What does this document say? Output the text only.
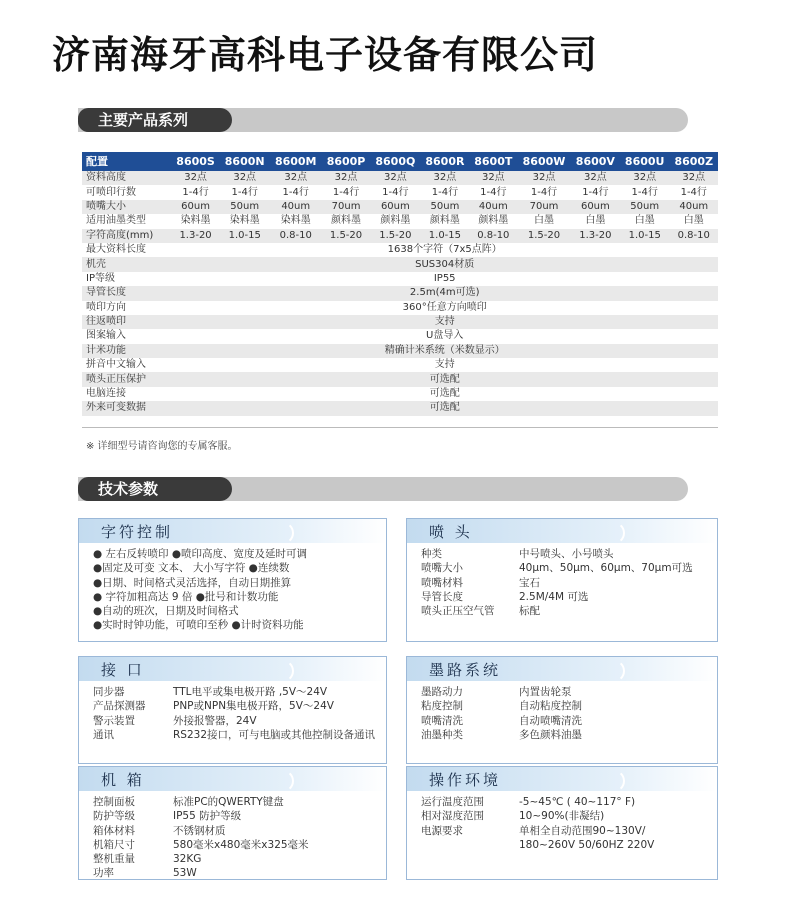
济南海牙高科电子设备有限公司
主要产品系列
配置	8600S	8600N	8600M	8600P	8600Q	8600R	8600T	8600W	8600V	8600U	8600Z
资料高度	32点	32点	32点	32点	32点	32点	32点	32点	32点	32点	32点
可喷印行数	1-4行	1-4行	1-4行	1-4行	1-4行	1-4行	1-4行	1-4行	1-4行	1-4行	1-4行
喷嘴大小	60um	50um	40um	70um	60um	50um	40um	70um	60um	50um	40um
适用油墨类型	染料墨	染料墨	染料墨	颜料墨	颜料墨	颜料墨	颜料墨	白墨	白墨	白墨	白墨
字符高度(mm)	1.3-20	1.0-15	0.8-10	1.5-20	1.5-20	1.0-15	0.8-10	1.5-20	1.3-20	1.0-15	0.8-10
最大资料长度	1638个字符（7x5点阵）										
机壳	SUS304材质										
IP等级	IP55										
导管长度	2.5m(4m可选)										
喷印方向	360°任意方向喷印										
往返喷印	支持										
图案输入	U盘导入										
计米功能	精确计米系统（米数显示）										
拼音中文输入	支持										
喷头正压保护	可选配										
电脑连接	可选配										
外来可变数据	可选配										
※ 详细型号请咨询您的专属客服。
技术参数
字符控制
● 左右反转喷印 ●喷印高度、宽度及延时可调
●固定及可变 文本、 大小写字符 ●连续数
●日期、时间格式灵活选择，自动日期推算
● 字符加粗高达 9 倍 ●批号和计数功能
●自动的班次，日期及时间格式
●实时时钟功能，可喷印至秒 ●计时资料功能
喷 头
种类	中号喷头、小号喷头
喷嘴大小	40μm、50μm、60μm、70μm可选
喷嘴材料	宝石
导管长度	2.5M/4M 可选
喷头正压空气管	标配
接 口
同步器	TTL电平或集电极开路 ,5V～24V
产品探测器	PNP或NPN集电极开路，5V～24V
警示装置	外接报警器，24V
通讯	RS232接口，可与电脑或其他控制设备通讯
墨路系统
墨路动力	内置齿轮泵
粘度控制	自动粘度控制
喷嘴清洗	自动喷嘴清洗
油墨种类	多色颜料油墨
机 箱
控制面板	标准PC的QWERTY键盘
防护等级	IP55 防护等级
箱体材料	不锈钢材质
机箱尺寸	580毫米x480毫米x325毫米
整机重量	32KG
功率	53W
操作环境
运行温度范围	-5~45℃ ( 40~117° F)
相对湿度范围	10~90%(非凝结)
电源要求	单相全自动范围90~130V/
180~260V 50/60HZ 220V
